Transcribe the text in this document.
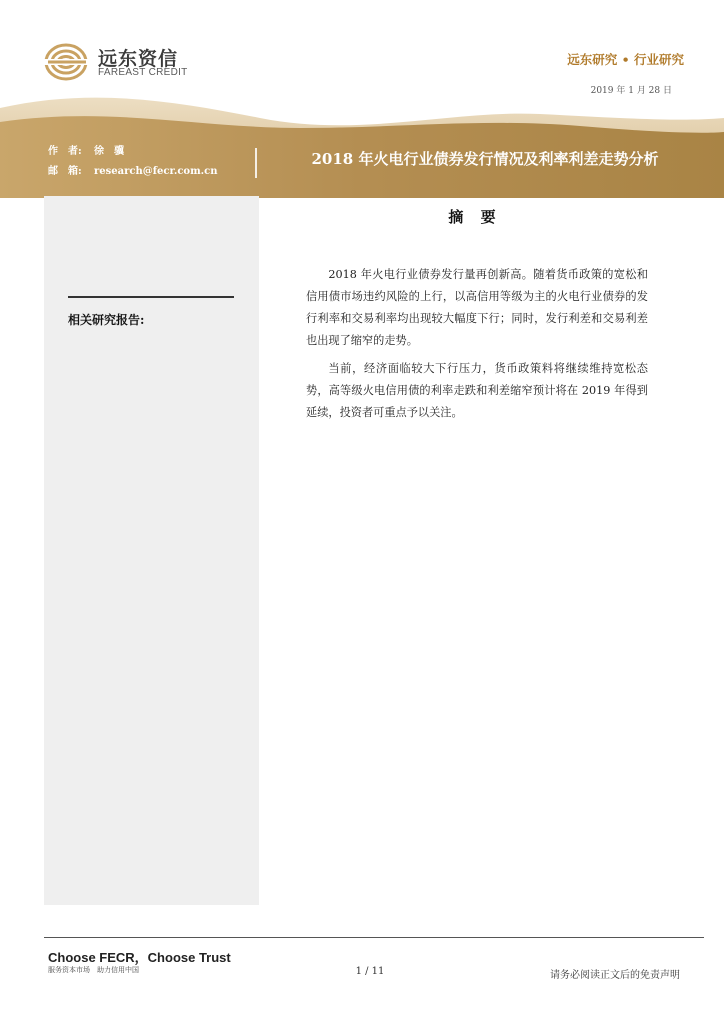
远东资信
FAREAST CREDIT
远东研究 • 行业研究
2019 年 1 月 28 日
作　者: 徐　骥
邮　箱: research@fecr.com.cn
2018 年火电行业债券发行情况及利率利差走势分析
相关研究报告:
摘 要

2018 年火电行业债券发行量再创新高。随着货币政策的宽松和信用债市场违约风险的上行，以高信用等级为主的火电行业债券的发行利率和交易利率均出现较大幅度下行；同时，发行利差和交易利差也出现了缩窄的走势。

当前，经济面临较大下行压力，货币政策料将继续维持宽松态势，高等级火电信用债的利率走跌和利差缩窄预计将在 2019 年得到延续，投资者可重点予以关注。

Choose FECR，Choose Trust
服务资本市场　助力信用中国	1 / 11	请务必阅读正文后的免责声明
